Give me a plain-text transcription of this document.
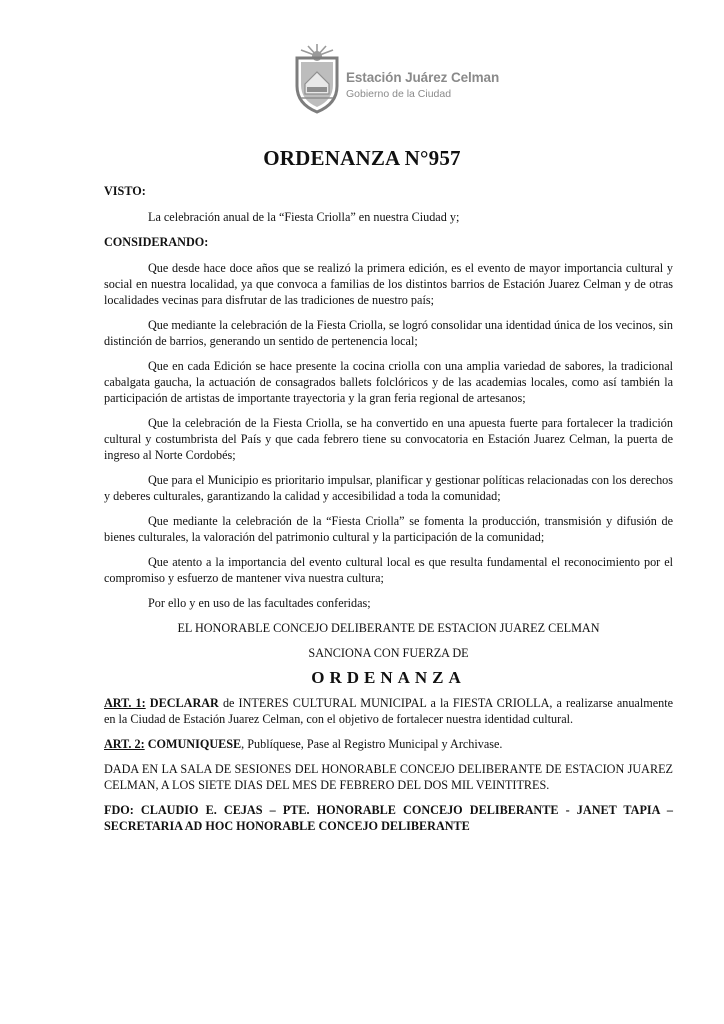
Estación Juárez Celman
Gobierno de la Ciudad
ORDENANZA N°957
VISTO:
La celebración anual de la “Fiesta Criolla” en nuestra Ciudad y;
CONSIDERANDO:
Que desde hace doce años que se realizó la primera edición, es el evento de mayor importancia cultural y social en nuestra localidad, ya que convoca a familias de los distintos barrios de Estación Juarez Celman y de otras localidades vecinas para disfrutar de las tradiciones de nuestro país;
Que mediante la celebración de la Fiesta Criolla, se logró consolidar una identidad única de los vecinos, sin distinción de barrios, generando un sentido de pertenencia local;
Que en cada Edición se hace presente la cocina criolla con una amplia variedad de sabores, la tradicional cabalgata gaucha, la actuación de consagrados ballets folclóricos y de las academias locales, como así también la participación de artistas de importante trayectoria y la gran feria regional de artesanos;
Que la celebración de la Fiesta Criolla, se ha convertido en una apuesta fuerte para fortalecer la tradición cultural y costumbrista del País y que cada febrero tiene su convocatoria en Estación Juarez Celman, la puerta de ingreso al Norte Cordobés;
Que para el Municipio es prioritario impulsar, planificar y gestionar políticas relacionadas con los derechos y deberes culturales, garantizando la calidad y accesibilidad a toda la comunidad;
Que mediante la celebración de la “Fiesta Criolla” se fomenta la producción, transmisión y difusión de bienes culturales, la valoración del patrimonio cultural y la participación de la comunidad;
Que atento a la importancia del evento cultural local es que resulta fundamental el reconocimiento por el compromiso y esfuerzo de mantener viva nuestra cultura;
Por ello y en uso de las facultades conferidas;
EL HONORABLE CONCEJO DELIBERANTE DE ESTACION JUAREZ CELMAN
SANCIONA CON FUERZA DE
ORDENANZA
ART. 1: DECLARAR de INTERES CULTURAL MUNICIPAL a la FIESTA CRIOLLA, a realizarse anualmente en la Ciudad de Estación Juarez Celman, con el objetivo de fortalecer nuestra identidad cultural.
ART. 2: COMUNIQUESE, Publíquese, Pase al Registro Municipal y Archivase.
DADA EN LA SALA DE SESIONES DEL HONORABLE CONCEJO DELIBERANTE DE ESTACION JUAREZ CELMAN, A LOS SIETE DIAS DEL MES DE FEBRERO DEL DOS MIL VEINTITRES.
FDO: CLAUDIO E. CEJAS – PTE. HONORABLE CONCEJO DELIBERANTE - JANET TAPIA – SECRETARIA AD HOC HONORABLE CONCEJO DELIBERANTE
